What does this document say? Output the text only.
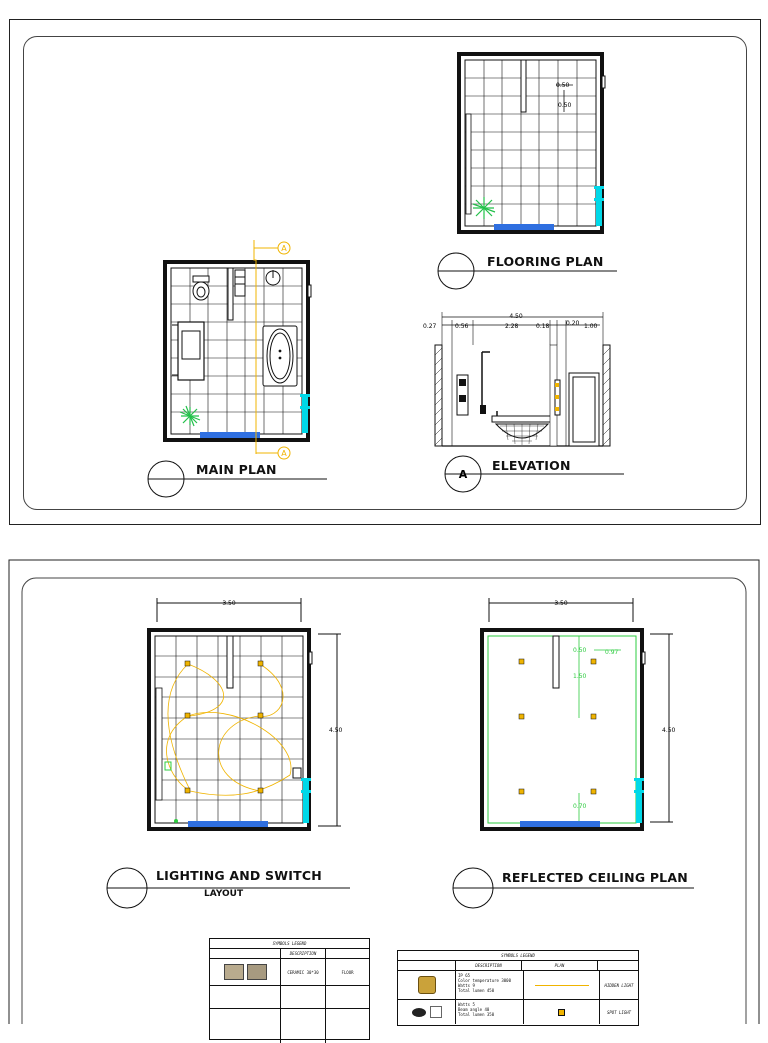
A
A
0.50
0.50
4.50
0.27	0.56	2.28	0.18	0.20 1.00
A
3.50
4.50
3.50
4.50
0.50	0.97
1.50
0.70
MAIN PLAN
FLOORING PLAN
ELEVATION
LIGHTING AND SWITCH
LAYOUT
REFLECTED CEILING PLAN
SYMBOLS LEGEND
DESCRIPTION
CERAMIC 30*30	FLOOR
SYMBOLS LEGEND
DESCRIPTION	PLAN
IP 65
Color temperature 3000
Watts 9
Total lumen 450
HIDDEN LIGHT
Watts 5
Beam angle 40
Total lumen 350	SPOT LIGHT
